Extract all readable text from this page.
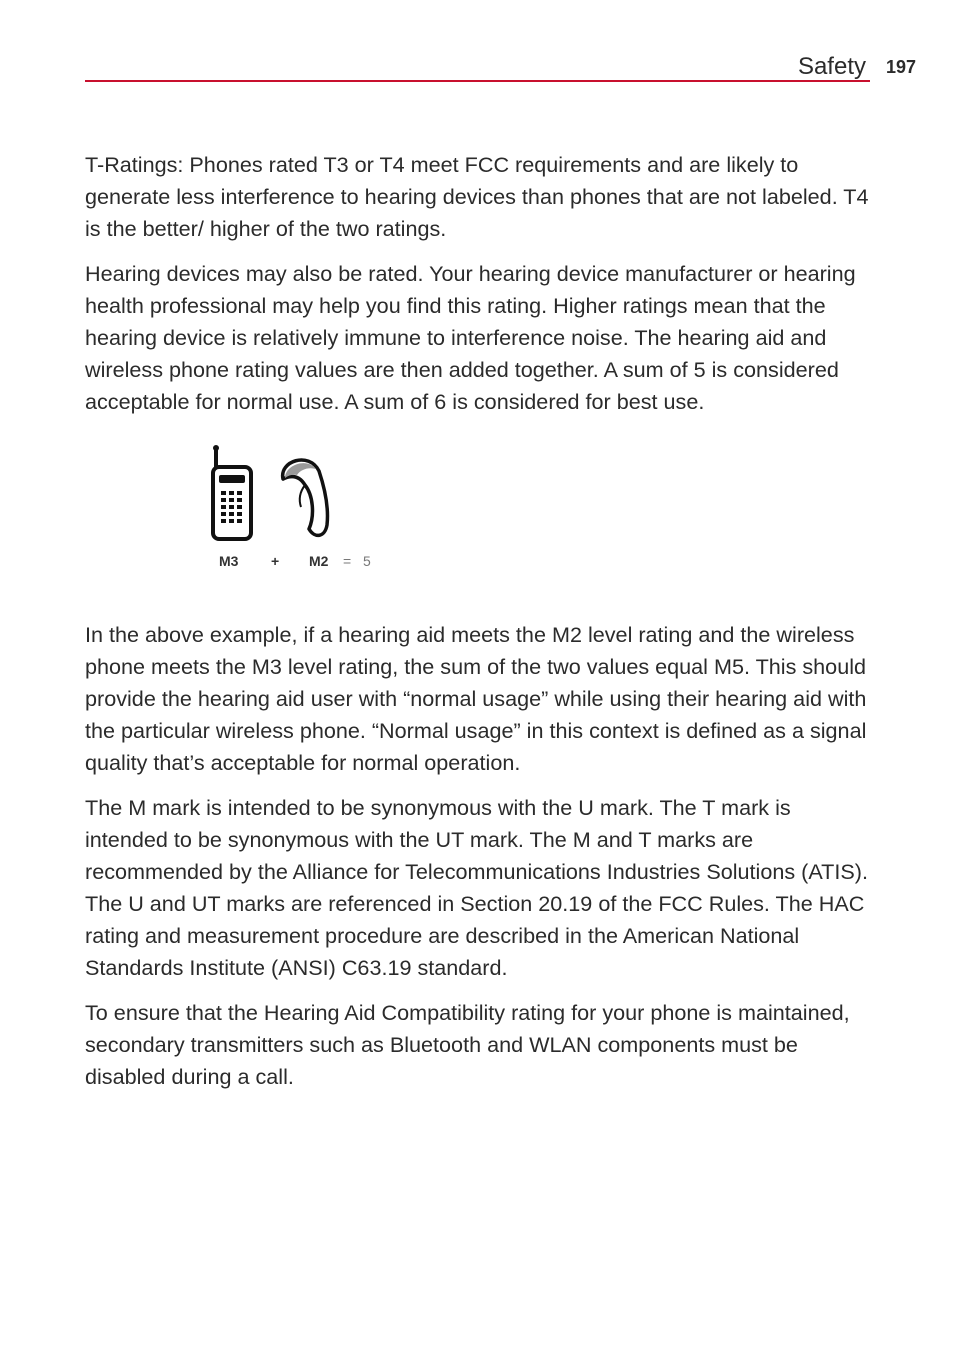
Safety 197

T-Ratings: Phones rated T3 or T4 meet FCC requirements and are likely to generate less interference to hearing devices than phones that are not labeled. T4 is the better/ higher of the two ratings.

Hearing devices may also be rated. Your hearing device manufacturer or hearing health professional may help you find this rating. Higher ratings mean that the hearing device is relatively immune to interference noise. The hearing aid and wireless phone rating values are then added together. A sum of 5 is considered acceptable for normal use. A sum of 6 is considered for best use.

M3 + M2 = 5

In the above example, if a hearing aid meets the M2 level rating and the wireless phone meets the M3 level rating, the sum of the two values equal M5. This should provide the hearing aid user with “normal usage” while using their hearing aid with the particular wireless phone. “Normal usage” in this context is defined as a signal quality that’s acceptable for normal operation.

The M mark is intended to be synonymous with the U mark. The T mark is intended to be synonymous with the UT mark. The M and T marks are recommended by the Alliance for Telecommunications Industries Solutions (ATIS). The U and UT marks are referenced in Section 20.19 of the FCC Rules. The HAC rating and measurement procedure are described in the American National Standards Institute (ANSI) C63.19 standard.

To ensure that the Hearing Aid Compatibility rating for your phone is maintained, secondary transmitters such as Bluetooth and WLAN components must be disabled during a call.
